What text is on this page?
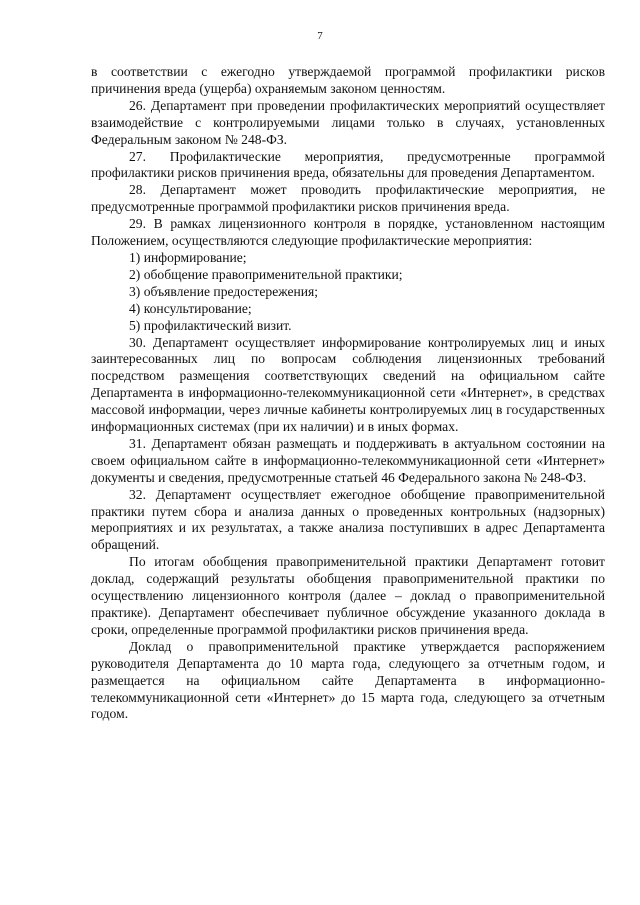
7

в соответствии с ежегодно утверждаемой программой профилактики рисков причинения вреда (ущерба) охраняемым законом ценностям.

26. Департамент при проведении профилактических мероприятий осуществляет взаимодействие с контролируемыми лицами только в случаях, установленных Федеральным законом № 248-ФЗ.

27. Профилактические мероприятия, предусмотренные программой профилактики рисков причинения вреда, обязательны для проведения Департаментом.

28. Департамент может проводить профилактические мероприятия, не предусмотренные программой профилактики рисков причинения вреда.

29. В рамках лицензионного контроля в порядке, установленном настоящим Положением, осуществляются следующие профилактические мероприятия:

1) информирование;
2) обобщение правоприменительной практики;
3) объявление предостережения;
4) консультирование;
5) профилактический визит.

30. Департамент осуществляет информирование контролируемых лиц и иных заинтересованных лиц по вопросам соблюдения лицензионных требований посредством размещения соответствующих сведений на официальном сайте Департамента в информационно-телекоммуникационной сети «Интернет», в средствах массовой информации, через личные кабинеты контролируемых лиц в государственных информационных системах (при их наличии) и в иных формах.

31. Департамент обязан размещать и поддерживать в актуальном состоянии на своем официальном сайте в информационно-телекоммуникационной сети «Интернет» документы и сведения, предусмотренные статьей 46 Федерального закона № 248-ФЗ.

32. Департамент осуществляет ежегодное обобщение правоприменительной практики путем сбора и анализа данных о проведенных контрольных (надзорных) мероприятиях и их результатах, а также анализа поступивших в адрес Департамента обращений.

По итогам обобщения правоприменительной практики Департамент готовит доклад, содержащий результаты обобщения правоприменительной практики по осуществлению лицензионного контроля (далее – доклад о правоприменительной практике). Департамент обеспечивает публичное обсуждение указанного доклада в сроки, определенные программой профилактики рисков причинения вреда.

Доклад о правоприменительной практике утверждается распоряжением руководителя Департамента до 10 марта года, следующего за отчетным годом, и размещается на официальном сайте Департамента в информационно-телекоммуникационной сети «Интернет» до 15 марта года, следующего за отчетным годом.
